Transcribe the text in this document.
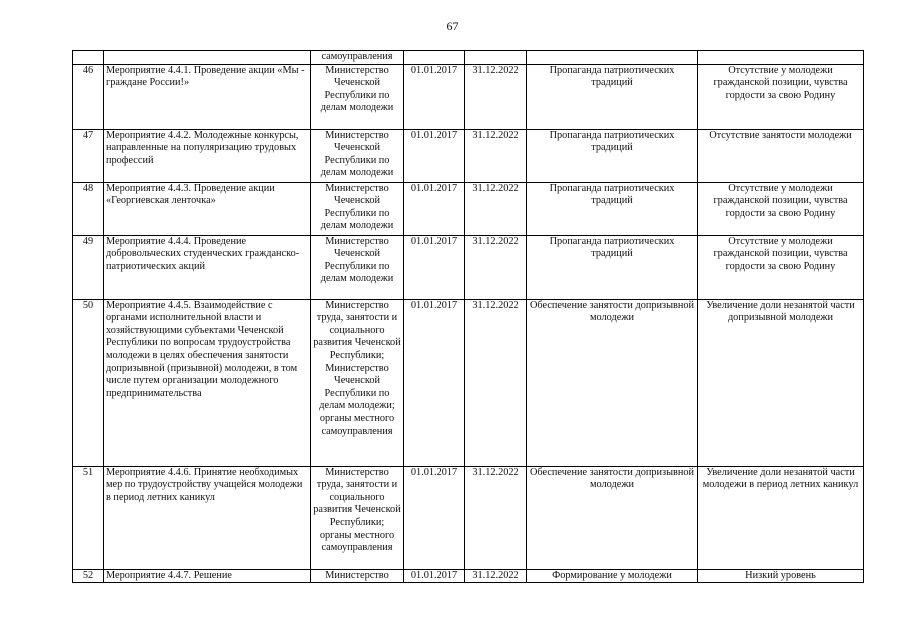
67
		самоуправления				
46	Мероприятие 4.4.1. Проведение акции «Мы - граждане России!»	Министерство Чеченской Республики по делам молодежи	01.01.2017	31.12.2022	Пропаганда патриотических традиций	Отсутствие у молодежи гражданской позиции, чувства гордости за свою Родину
47	Мероприятие 4.4.2. Молодежные конкурсы, направленные на популяризацию трудовых профессий	Министерство Чеченской Республики по делам молодежи	01.01.2017	31.12.2022	Пропаганда патриотических традиций	Отсутствие занятости молодежи
48	Мероприятие 4.4.3. Проведение акции «Георгиевская ленточка»	Министерство Чеченской Республики по делам молодежи	01.01.2017	31.12.2022	Пропаганда патриотических традиций	Отсутствие у молодежи гражданской позиции, чувства гордости за свою Родину
49	Мероприятие 4.4.4. Проведение добровольческих студенческих гражданско-патриотических акций	Министерство Чеченской Республики по делам молодежи	01.01.2017	31.12.2022	Пропаганда патриотических традиций	Отсутствие у молодежи гражданской позиции, чувства гордости за свою Родину
50	Мероприятие 4.4.5. Взаимодействие с органами исполнительной власти и хозяйствующими субъектами Чеченской Республики по вопросам трудоустройства молодежи в целях обеспечения занятости допризывной (призывной) молодежи, в том числе путем организации молодежного предпринимательства	Министерство труда, занятости и социального развития Чеченской Республики; Министерство Чеченской Республики по делам молодежи; органы местного самоуправления	01.01.2017	31.12.2022	Обеспечение занятости допризывной молодежи	Увеличение доли незанятой части допризывной молодежи
51	Мероприятие 4.4.6. Принятие необходимых мер по трудоустройству учащейся молодежи в период летних каникул	Министерство труда, занятости и социального развития Чеченской Республики; органы местного самоуправления	01.01.2017	31.12.2022	Обеспечение занятости допризывной молодежи	Увеличение доли незанятой части молодежи в период летних каникул
52	Мероприятие 4.4.7. Решение	Министерство	01.01.2017	31.12.2022	Формирование у молодежи	Низкий уровень
